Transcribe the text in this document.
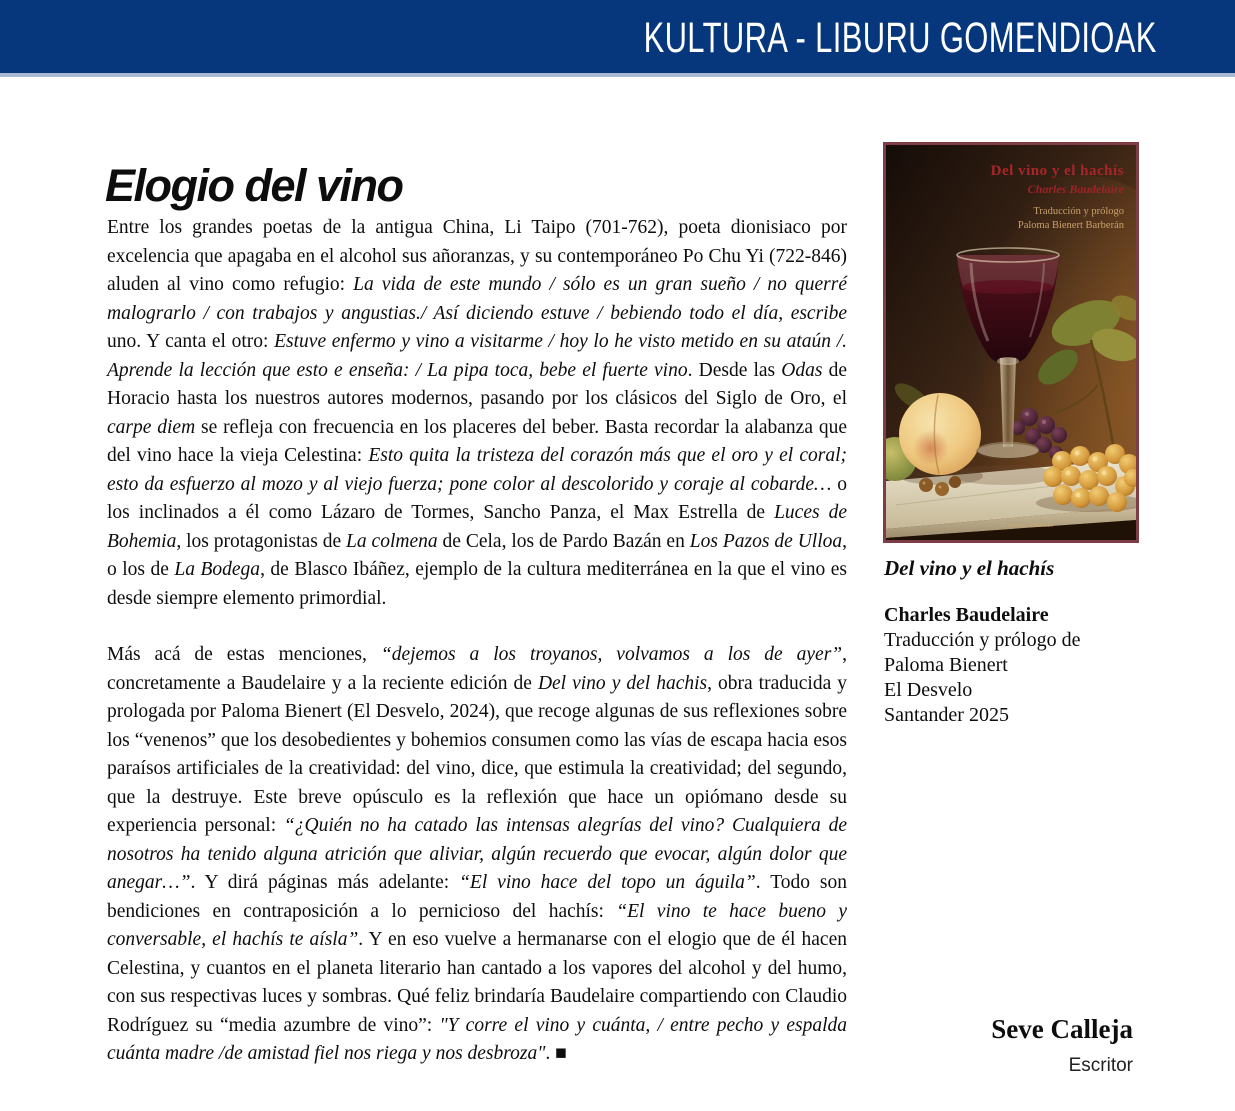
KULTURA - LIBURU GOMENDIOAK
Elogio del vino

Entre los grandes poetas de la antigua China, Li Taipo (701-762), poeta dionisiaco por excelencia que apagaba en el alcohol sus añoranzas, y su contemporáneo Po Chu Yi (722-846) aluden al vino como refugio: La vida de este mundo / sólo es un gran sueño / no querré malograrlo / con trabajos y angustias./ Así diciendo estuve / bebiendo todo el día, escribe uno. Y canta el otro: Estuve enfermo y vino a visitarme / hoy lo he visto metido en su ataún /. Aprende la lección que esto e enseña: / La pipa toca, bebe el fuerte vino. Desde las Odas de Horacio hasta los nuestros autores modernos, pasando por los clásicos del Siglo de Oro, el carpe diem se refleja con frecuencia en los placeres del beber. Basta recordar la alabanza que del vino hace la vieja Celestina: Esto quita la tristeza del corazón más que el oro y el coral; esto da esfuerzo al mozo y al viejo fuerza; pone color al descolorido y coraje al cobarde… o los inclinados a él como Lázaro de Tormes, Sancho Panza, el Max Estrella de Luces de Bohemia, los protagonistas de La colmena de Cela, los de Pardo Bazán en Los Pazos de Ulloa, o los de La Bodega, de Blasco Ibáñez, ejemplo de la cultura mediterránea en la que el vino es desde siempre elemento primordial.

Más acá de estas menciones, “dejemos a los troyanos, volvamos a los de ayer”, concretamente a Baudelaire y a la reciente edición de Del vino y del hachis, obra traducida y prologada por Paloma Bienert (El Desvelo, 2024), que recoge algunas de sus reflexiones sobre los “venenos” que los desobedientes y bohemios consumen como las vías de escapa hacia esos paraísos artificiales de la creatividad: del vino, dice, que estimula la creatividad; del segundo, que la destruye. Este breve opúsculo es la reflexión que hace un opiómano desde su experiencia personal: “¿Quién no ha catado las intensas alegrías del vino? Cualquiera de nosotros ha tenido alguna atrición que aliviar, algún recuerdo que evocar, algún dolor que anegar…”. Y dirá páginas más adelante: “El vino hace del topo un águila”. Todo son bendiciones en contraposición a lo pernicioso del hachís: “El vino te hace bueno y conversable, el hachís te aísla”. Y en eso vuelve a hermanarse con el elogio que de él hacen Celestina, y cuantos en el planeta literario han cantado a los vapores del alcohol y del humo, con sus respectivas luces y sombras. Qué feliz brindaría Baudelaire compartiendo con Claudio Rodríguez su “media azumbre de vino”: "Y corre el vino y cuánta, / entre pecho y espalda cuánta madre /de amistad fiel nos riega y nos desbroza". ■

Del vino y el hachís
Charles Baudelaire
Traducción y prólogo
Paloma Bienert Barberán
El Desvelo Ediciones
Del vino y el hachís
Charles Baudelaire
Traducción y prólogo de
Paloma Bienert
El Desvelo
Santander 2025
Seve Calleja
Escritor
